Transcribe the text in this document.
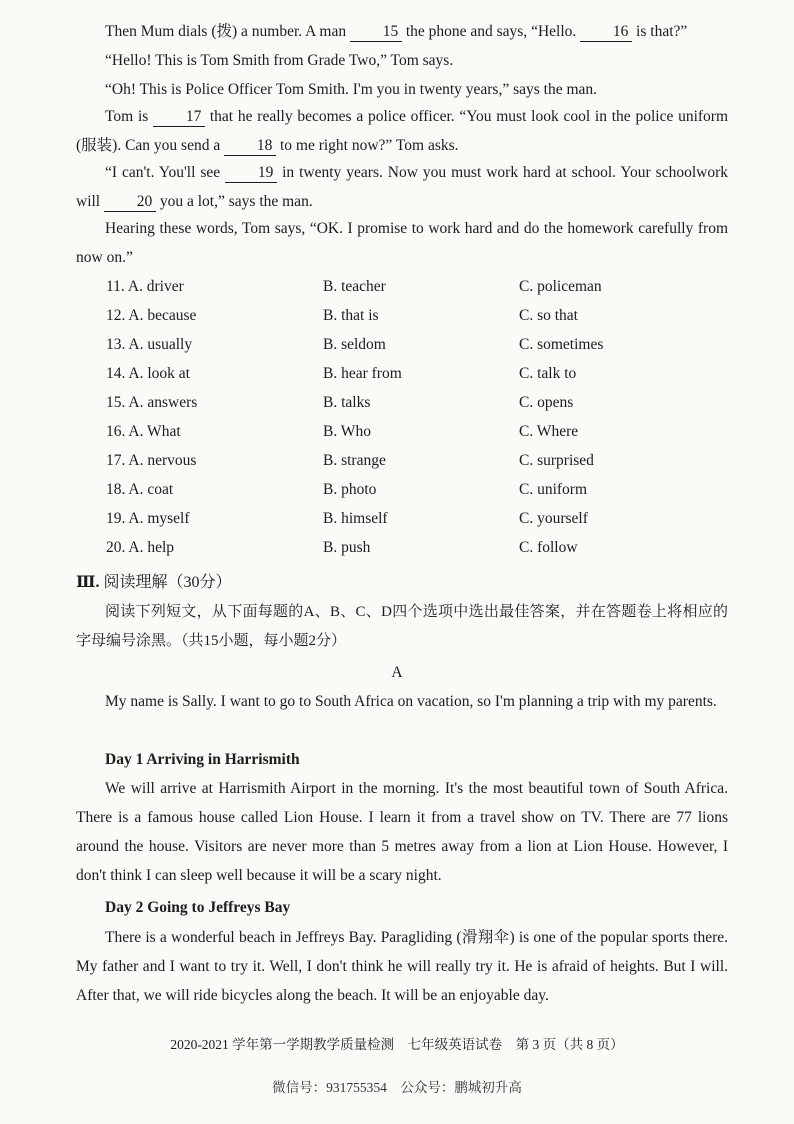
Then Mum dials (拨) a number. A man 15 the phone and says, “Hello. 16 is that?”

“Hello! This is Tom Smith from Grade Two,” Tom says.

“Oh! This is Police Officer Tom Smith. I'm you in twenty years,” says the man.

Tom is 17 that he really becomes a police officer. “You must look cool in the police uniform (服装). Can you send a 18 to me right now?” Tom asks.

“I can't. You'll see 19 in twenty years. Now you must work hard at school. Your schoolwork will 20 you a lot,” says the man.

Hearing these words, Tom says, “OK. I promise to work hard and do the homework carefully from now on.”

11. A. driver	B. teacher	C. policeman
12. A. because	B. that is	C. so that
13. A. usually	B. seldom	C. sometimes
14. A. look at	B. hear from	C. talk to
15. A. answers	B. talks	C. opens
16. A. What	B. Who	C. Where
17. A. nervous	B. strange	C. surprised
18. A. coat	B. photo	C. uniform
19. A. myself	B. himself	C. yourself
20. A. help	B. push	C. follow
Ⅲ. 阅读理解（30分）

阅读下列短文，从下面每题的A、B、C、D四个选项中选出最佳答案，并在答题卷上将相应的字母编号涂黑。（共15小题，每小题2分）

A

My name is Sally. I want to go to South Africa on vacation, so I'm planning a trip with my parents.

Day 1 Arriving in Harrismith

We will arrive at Harrismith Airport in the morning. It's the most beautiful town of South Africa. There is a famous house called Lion House. I learn it from a travel show on TV. There are 77 lions around the house. Visitors are never more than 5 metres away from a lion at Lion House. However, I don't think I can sleep well because it will be a scary night.

Day 2 Going to Jeffreys Bay

There is a wonderful beach in Jeffreys Bay. Paragliding (滑翔伞) is one of the popular sports there. My father and I want to try it. Well, I don't think he will really try it. He is afraid of heights. But I will. After that, we will ride bicycles along the beach. It will be an enjoyable day.

2020-2021 学年第一学期教学质量检测　七年级英语试卷　第 3 页（共 8 页）
微信号：931755354　公众号：鹏城初升高
